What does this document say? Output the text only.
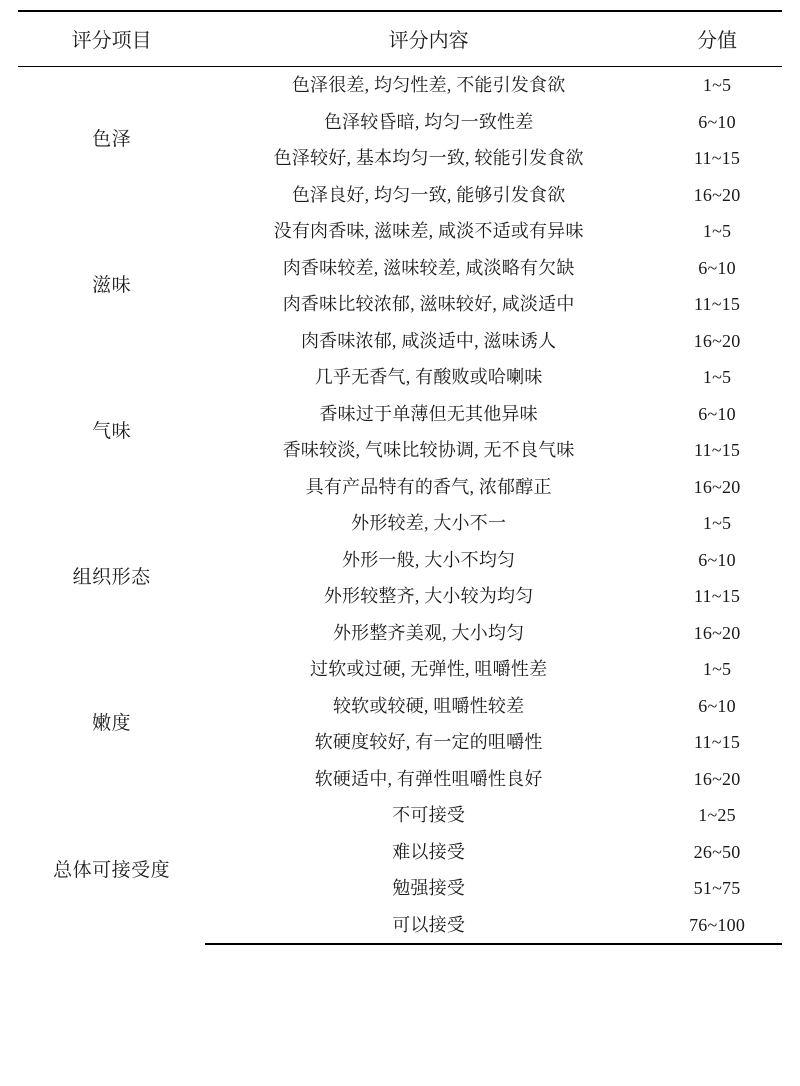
评分项目	评分内容	分值
色泽	色泽很差, 均匀性差, 不能引发食欲	1~5
	色泽较昏暗, 均匀一致性差	6~10
	色泽较好, 基本均匀一致, 较能引发食欲	11~15
	色泽良好, 均匀一致, 能够引发食欲	16~20
滋味	没有肉香味, 滋味差, 咸淡不适或有异味	1~5
	肉香味较差, 滋味较差, 咸淡略有欠缺	6~10
	肉香味比较浓郁, 滋味较好, 咸淡适中	11~15
	肉香味浓郁, 咸淡适中, 滋味诱人	16~20
气味	几乎无香气, 有酸败或哈喇味	1~5
	香味过于单薄但无其他异味	6~10
	香味较淡, 气味比较协调, 无不良气味	11~15
	具有产品特有的香气, 浓郁醇正	16~20
组织形态	外形较差, 大小不一	1~5
	外形一般, 大小不均匀	6~10
	外形较整齐, 大小较为均匀	11~15
	外形整齐美观, 大小均匀	16~20
嫩度	过软或过硬, 无弹性, 咀嚼性差	1~5
	较软或较硬, 咀嚼性较差	6~10
	软硬度较好, 有一定的咀嚼性	11~15
	软硬适中, 有弹性咀嚼性良好	16~20
总体可接受度	不可接受	1~25
	难以接受	26~50
	勉强接受	51~75
	可以接受	76~100
